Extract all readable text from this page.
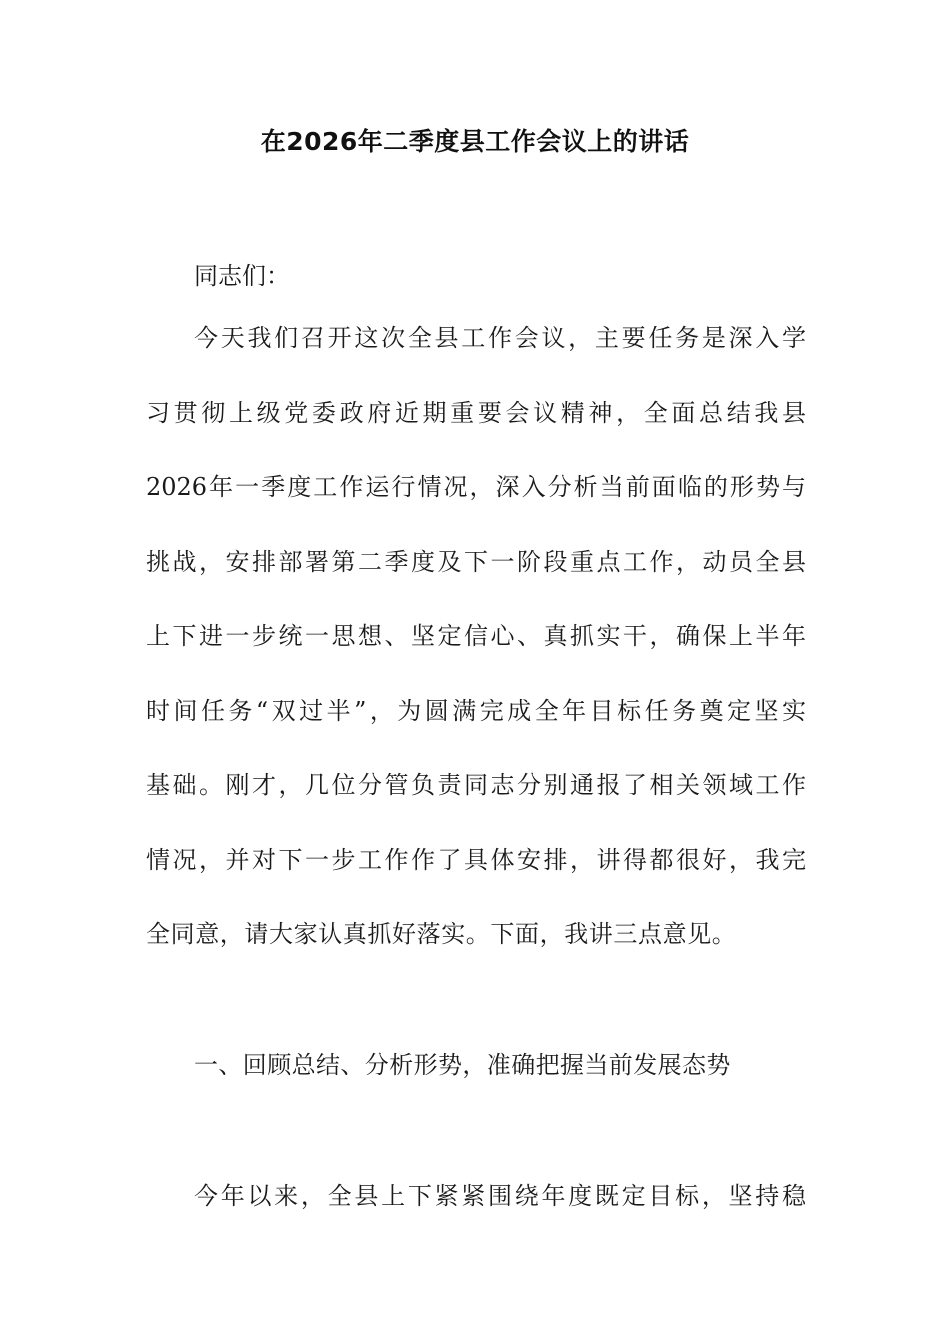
在2026年二季度县工作会议上的讲话
同志们：
今天我们召开这次全县工作会议，主要任务是深入学
习贯彻上级党委政府近期重要会议精神，全面总结我县
2026年一季度工作运行情况，深入分析当前面临的形势与
挑战，安排部署第二季度及下一阶段重点工作，动员全县
上下进一步统一思想、坚定信心、真抓实干，确保上半年
时间任务“双过半”，为圆满完成全年目标任务奠定坚实
基础。刚才，几位分管负责同志分别通报了相关领域工作
情况，并对下一步工作作了具体安排，讲得都很好，我完
全同意，请大家认真抓好落实。下面，我讲三点意见。
一、回顾总结、分析形势，准确把握当前发展态势
今年以来，全县上下紧紧围绕年度既定目标，坚持稳
